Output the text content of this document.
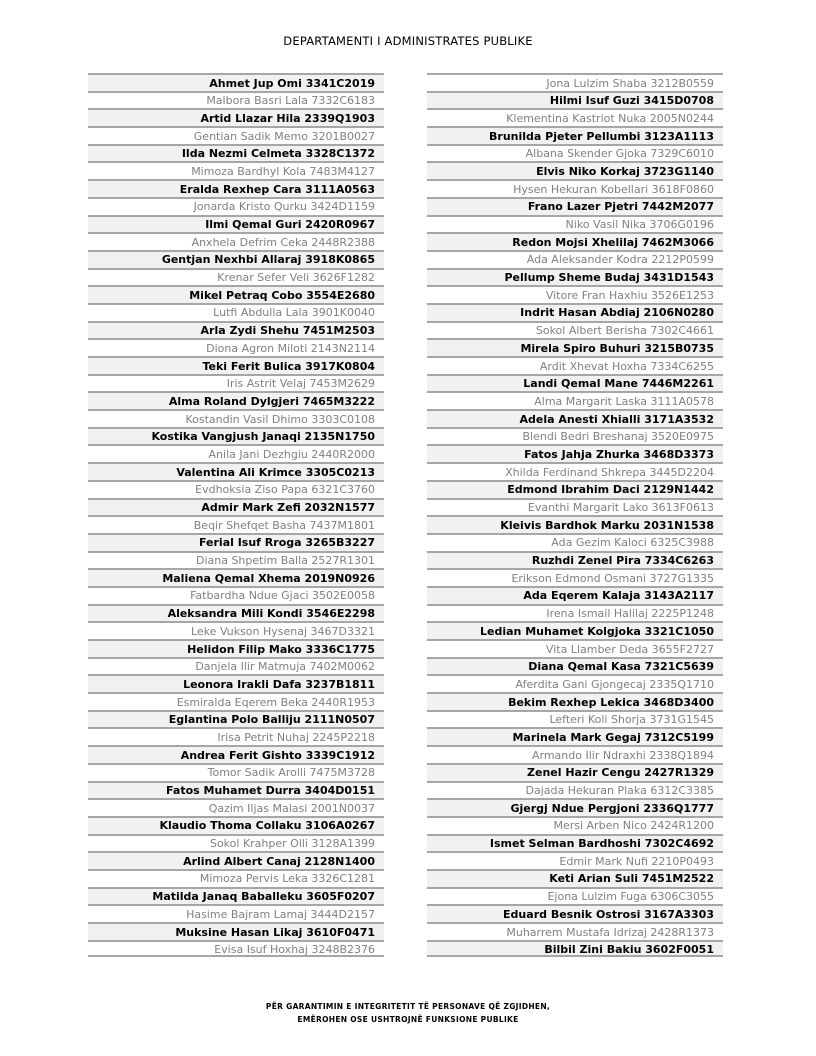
DEPARTAMENTI I ADMINISTRATES PUBLIKE
Ahmet Jup Omi 3341C2019
Malbora Basri Lala 7332C6183
Artid Llazar Hila 2339Q1903
Gentian Sadik Memo 3201B0027
Ilda Nezmi Celmeta 3328C1372
Mimoza Bardhyl Kola 7483M4127
Eralda Rexhep Cara 3111A0563
Jonarda Kristo Qurku 3424D1159
Ilmi Qemal Guri 2420R0967
Anxhela Defrim Ceka 2448R2388
Gentjan Nexhbi Allaraj 3918K0865
Krenar Sefer Veli 3626F1282
Mikel Petraq Cobo 3554E2680
Lutfi Abdulla Lala 3901K0040
Arla Zydi Shehu 7451M2503
Diona Agron Miloti 2143N2114
Teki Ferit Bulica 3917K0804
Iris Astrit Velaj 7453M2629
Alma Roland Dylgjeri 7465M3222
Kostandin Vasil Dhimo 3303C0108
Kostika Vangjush Janaqi 2135N1750
Anila Jani Dezhgiu 2440R2000
Valentina Ali Krimce 3305C0213
Evdhoksia Ziso Papa 6321C3760
Admir Mark Zefi 2032N1577
Beqir Shefqet Basha 7437M1801
Ferial Isuf Rroga 3265B3227
Diana Shpetim Balla 2527R1301
Maliena Qemal Xhema 2019N0926
Fatbardha Ndue Gjaci 3502E0058
Aleksandra Mili Kondi 3546E2298
Leke Vukson Hysenaj 3467D3321
Helidon Filip Mako 3336C1775
Danjela Ilir Matmuja 7402M0062
Leonora Irakli Dafa 3237B1811
Esmiralda Eqerem Beka 2440R1953
Eglantina Polo Balliju 2111N0507
Irisa Petrit Nuhaj 2245P2218
Andrea Ferit Gishto 3339C1912
Tomor Sadik Arolli 7475M3728
Fatos Muhamet Durra 3404D0151
Qazim Iljas Malasi 2001N0037
Klaudio Thoma Collaku 3106A0267
Sokol Krahper Olli 3128A1399
Arlind Albert Canaj 2128N1400
Mimoza Pervis Leka 3326C1281
Matilda Janaq Baballeku 3605F0207
Hasime Bajram Lamaj 3444D2157
Muksine Hasan Likaj 3610F0471
Evisa Isuf Hoxhaj 3248B2376
Jona Lulzim Shaba 3212B0559
Hilmi Isuf Guzi 3415D0708
Klementina Kastriot Nuka 2005N0244
Brunilda Pjeter Pellumbi 3123A1113
Albana Skender Gjoka 7329C6010
Elvis Niko Korkaj 3723G1140
Hysen Hekuran Kobellari 3618F0860
Frano Lazer Pjetri 7442M2077
Niko Vasil Nika 3706G0196
Redon Mojsi Xhelilaj 7462M3066
Ada Aleksander Kodra 2212P0599
Pellump Sheme Budaj 3431D1543
Vitore Fran Haxhiu 3526E1253
Indrit Hasan Abdiaj 2106N0280
Sokol Albert Berisha 7302C4661
Mirela Spiro Buhuri 3215B0735
Ardit Xhevat Hoxha 7334C6255
Landi Qemal Mane 7446M2261
Alma Margarit Laska 3111A0578
Adela Anesti Xhialli 3171A3532
Blendi Bedri Breshanaj 3520E0975
Fatos Jahja Zhurka 3468D3373
Xhilda Ferdinand Shkrepa 3445D2204
Edmond Ibrahim Daci 2129N1442
Evanthi Margarit Lako 3613F0613
Kleivis Bardhok Marku 2031N1538
Ada Gezim Kaloci 6325C3988
Ruzhdi Zenel Pira 7334C6263
Erikson Edmond Osmani 3727G1335
Ada Eqerem Kalaja 3143A2117
Irena Ismail Halilaj 2225P1248
Ledian Muhamet Kolgjoka 3321C1050
Vita Llamber Deda 3655F2727
Diana Qemal Kasa 7321C5639
Aferdita Gani Gjongecaj 2335Q1710
Bekim Rexhep Lekica 3468D3400
Lefteri Koli Shorja 3731G1545
Marinela Mark Gegaj 7312C5199
Armando Ilir Ndraxhi 2338Q1894
Zenel Hazir Cengu 2427R1329
Dajada Hekuran Plaka 6312C3385
Gjergj Ndue Pergjoni 2336Q1777
Mersi Arben Nico 2424R1200
Ismet Selman Bardhoshi 7302C4692
Edmir Mark Nufi 2210P0493
Keti Arian Suli 7451M2522
Ejona Lulzim Fuga 6306C3055
Eduard Besnik Ostrosi 3167A3303
Muharrem Mustafa Idrizaj 2428R1373
Bilbil Zini Bakiu 3602F0051
PËR GARANTIMIN E INTEGRITETIT TË PERSONAVE QË ZGJIDHEN,
EMËROHEN OSE USHTROJNË FUNKSIONE PUBLIKE
